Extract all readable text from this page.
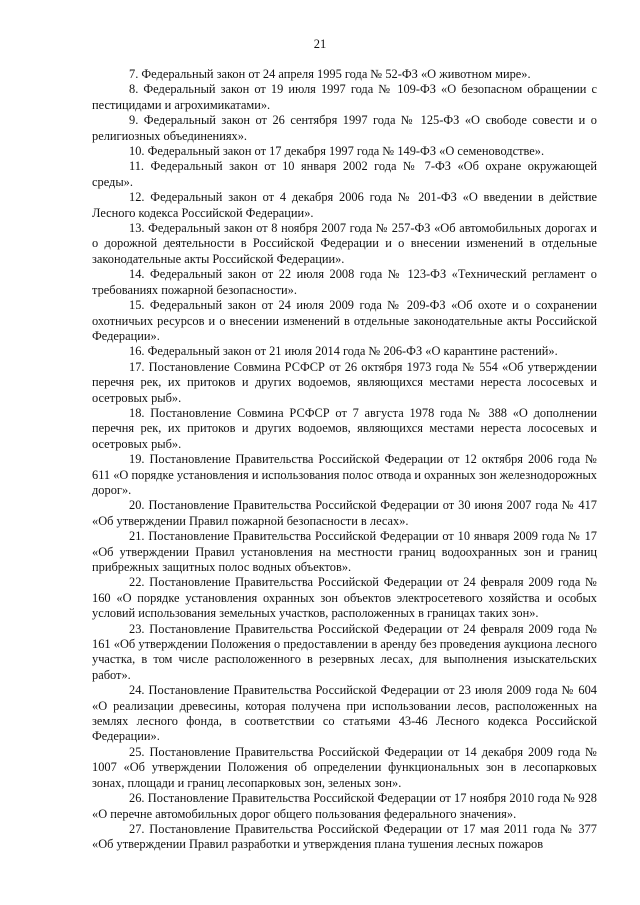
21

7. Федеральный закон от 24 апреля 1995 года № 52-ФЗ «О животном мире».

8. Федеральный закон от 19 июля 1997 года № 109-ФЗ «О безопасном обращении с пестицидами и агрохимикатами».

9. Федеральный закон от 26 сентября 1997 года № 125-ФЗ «О свободе совести и о религиозных объединениях».

10. Федеральный закон от 17 декабря 1997 года № 149-ФЗ «О семеноводстве».

11. Федеральный закон от 10 января 2002 года № 7-ФЗ «Об охране окружающей среды».

12. Федеральный закон от 4 декабря 2006 года № 201-ФЗ «О введении в действие Лесного кодекса Российской Федерации».

13. Федеральный закон от 8 ноября 2007 года № 257-ФЗ «Об автомобильных дорогах и о дорожной деятельности в Российской Федерации и о внесении изменений в отдельные законодательные акты Российской Федерации».

14. Федеральный закон от 22 июля 2008 года № 123-ФЗ «Технический регламент о требованиях пожарной безопасности».

15. Федеральный закон от 24 июля 2009 года № 209-ФЗ «Об охоте и о сохранении охотничьих ресурсов и о внесении изменений в отдельные законодательные акты Российской Федерации».

16. Федеральный закон от 21 июля 2014 года № 206-ФЗ «О карантине растений».

17. Постановление Совмина РСФСР от 26 октября 1973 года № 554 «Об утверждении перечня рек, их притоков и других водоемов, являющихся местами нереста лососевых и осетровых рыб».

18. Постановление Совмина РСФСР от 7 августа 1978 года № 388 «О дополнении перечня рек, их притоков и других водоемов, являющихся местами нереста лососевых и осетровых рыб».

19. Постановление Правительства Российской Федерации от 12 октября 2006 года № 611 «О порядке установления и использования полос отвода и охранных зон железнодорожных дорог».

20. Постановление Правительства Российской Федерации от 30 июня 2007 года № 417 «Об утверждении Правил пожарной безопасности в лесах».

21. Постановление Правительства Российской Федерации от 10 января 2009 года № 17 «Об утверждении Правил установления на местности границ водоохранных зон и границ прибрежных защитных полос водных объектов».

22. Постановление Правительства Российской Федерации от 24 февраля 2009 года № 160 «О порядке установления охранных зон объектов электросетевого хозяйства и особых условий использования земельных участков, расположенных в границах таких зон».

23. Постановление Правительства Российской Федерации от 24 февраля 2009 года № 161 «Об утверждении Положения о предоставлении в аренду без проведения аукциона лесного участка, в том числе расположенного в резервных лесах, для выполнения изыскательских работ».

24. Постановление Правительства Российской Федерации от 23 июля 2009 года № 604 «О реализации древесины, которая получена при использовании лесов, расположенных на землях лесного фонда, в соответствии со статьями 43-46 Лесного кодекса Российской Федерации».

25. Постановление Правительства Российской Федерации от 14 декабря 2009 года № 1007 «Об утверждении Положения об определении функциональных зон в лесопарковых зонах, площади и границ лесопарковых зон, зеленых зон».

26. Постановление Правительства Российской Федерации от 17 ноября 2010 года № 928 «О перечне автомобильных дорог общего пользования федерального значения».

27. Постановление Правительства Российской Федерации от 17 мая 2011 года № 377 «Об утверждении Правил разработки и утверждения плана тушения лесных пожаров
